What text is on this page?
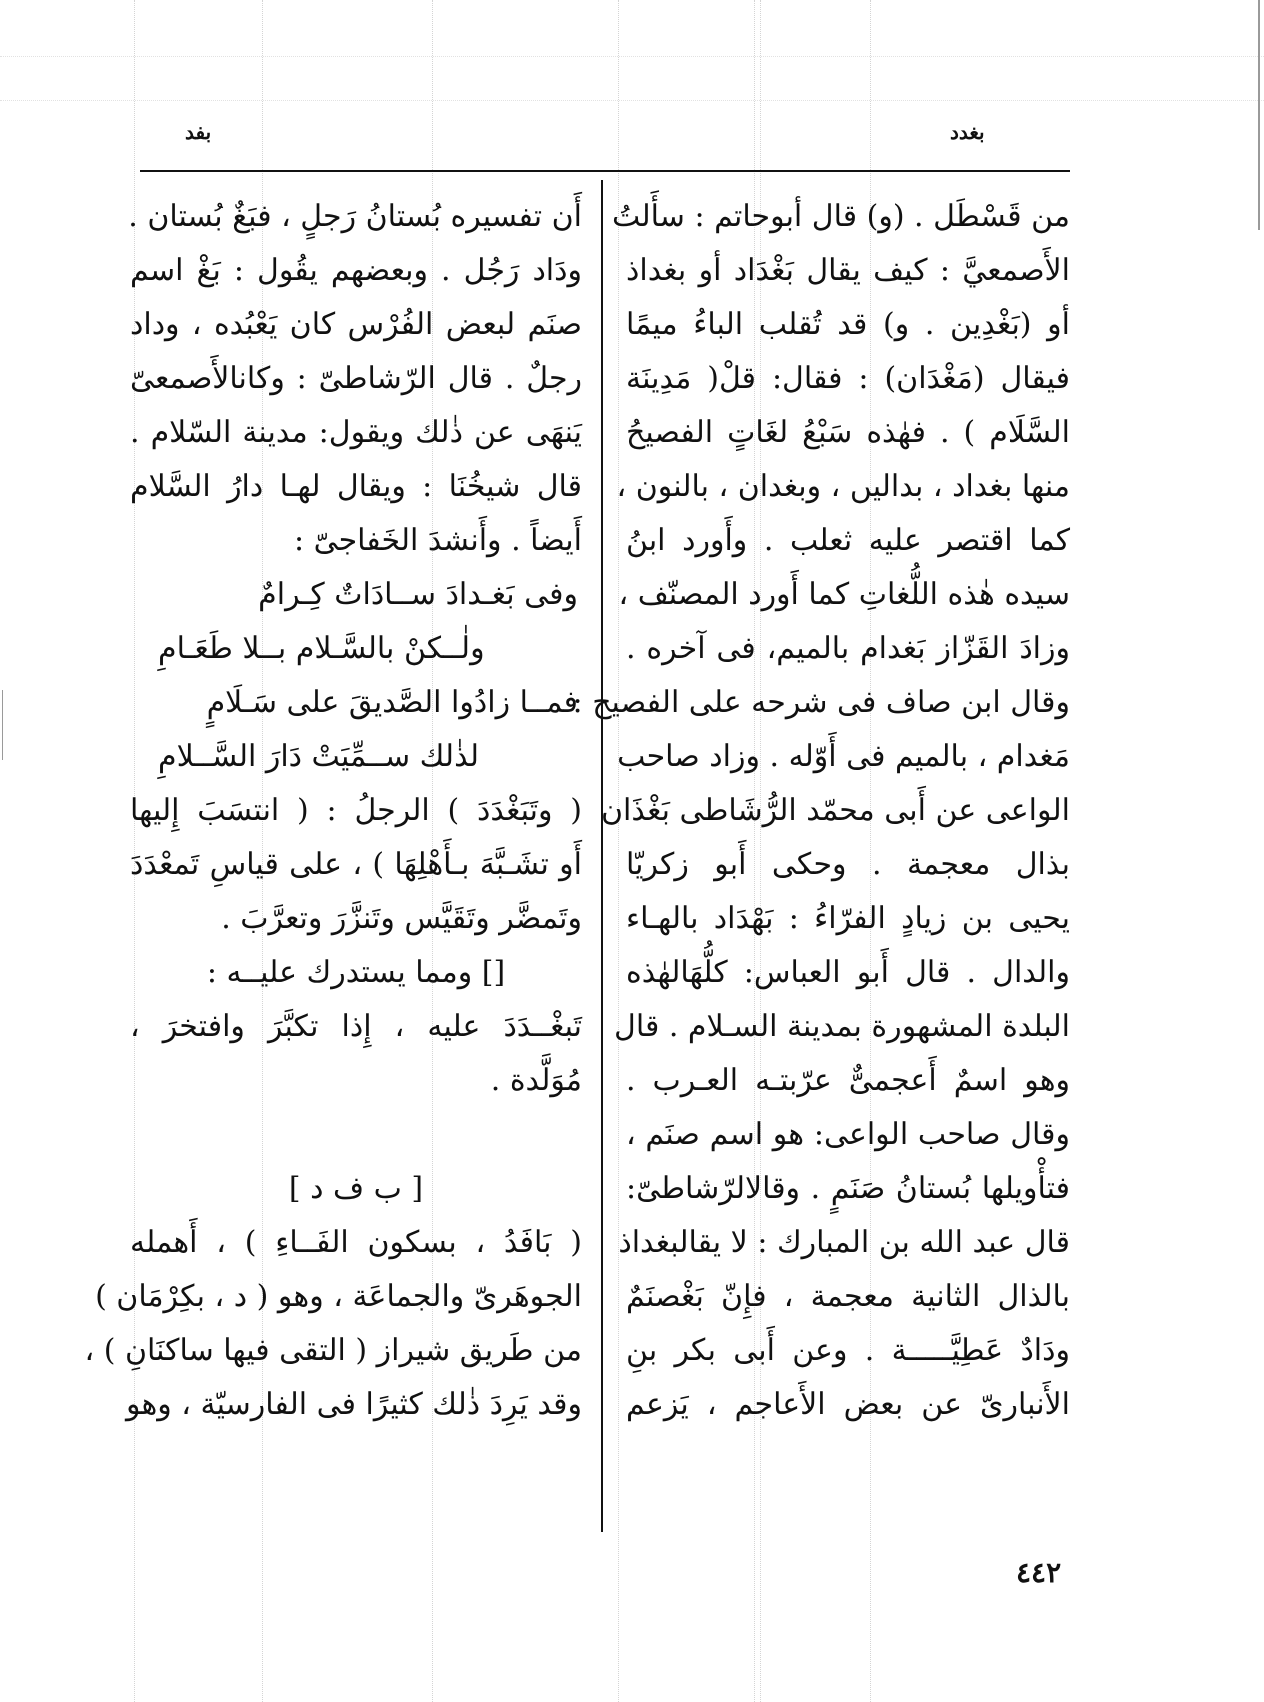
بغدد
بفد
من قَسْطَل . (و) قال أبوحاتم : سأَلتُ
الأَصمعيَّ : كيف يقال بَغْدَاد أو بغداذ
أو (بَغْدِين . و) قد تُقلب الباءُ ميمًا
فيقال (مَغْدَان) : فقال: قلْ( مَدِينَة
السَّلَام ) . فهٰذه سَبْعُ لغَاتٍ الفصيحُ
منها بغداد ، بداليں ، وبغدان ، بالنون ،
كما اقتصر عليه ثعلب . وأَورد ابنُ
سيده هٰذه اللُّغاتِ كما أَورد المصنّف ،
وزادَ القَزّاز بَغدام بالميم، فى آخره .
وقال ابن صاف فى شرحه على الفصيح :
مَغدام ، بالميم فى أَوّله . وزاد صاحب
الواعى عن أَبى محمّد الرُّشَاطى بَغْذَان
بذال معجمة . وحكى أَبو زكريّا
يحيى بن زيادٍ الفرّاءُ : بَهْدَاد بالهـاء
والدال . قال أَبو العباس: كلُّهَالهٰذه
البلدة المشهورة بمدينة السـلام . قال
وهو اسمٌ أَعجمىٌّ عرّبتـه العـرب .
وقال صاحب الواعى: هو اسم صنَم ،
فتأْويلها بُستانُ صَنَمٍ . وقالالرّشاطىّ:
قال عبد الله بن المبارك : لا يقالبغداذ
بالذال الثانية معجمة ، فإِنّ بَغْصنَمٌ
ودَادٌ عَطِيَّـــــة . وعن أَبى بكر بنِ
الأَنبارىّ عن بعض الأَعاجم ، يَزعم
أَن تفسيره بُستانُ رَجلٍ ، فبَغٌ بُستان .
ودَاد رَجُل . وبعضهم يقُول : بَغْ اسم
صنَم لبعض الفُرْس كان يَعْبُده ، وداد
رجلٌ . قال الرّشاطىّ : وكانالأَصمعىّ
يَنهَى عن ذٰلك ويقول: مدينة السّلام .
قال شيخُنَا : ويقال لهـا دارُ السَّلام
أَيضاً . وأَنشدَ الخَفاجىّ :
وفى بَغـدادَ ســادَاتٌ كِـرامٌ
ولٰــكنْ بالسَّـلام بــلا طَعَـامِ
فمــا زادُوا الصَّديقَ على سَـلَامٍ
لذٰلك ســمِّيَتْ دَارَ السَّــلامِ
( وتَبَغْدَدَ ) الرجلُ : ( انتسَبَ إِليها
أَو تشَـبَّهَ بـأَهْلِهَا ) ، على قياسِ تَمعْدَدَ
وتَمضَّر وتَقَيَّس وتَنزَّرَ وتعرَّبَ .
[] ومما يستدرك عليــه :
تَبغْــدَدَ عليه ، إِذا تكبَّرَ وافتخرَ ،
مُوَلَّدة .
[ ب ف د ]
( بَافَدُ ، بسكون الفَــاءِ ) ، أَهمله
الجوهَرىّ والجماعَة ، وهو ( د ، بكِرْمَان )
من طَريق شيراز ( التقى فيها ساكنَانِ ) ،
وقد يَرِدَ ذٰلك كثيرًا فى الفارسيّة ، وهو
٤٤٢
